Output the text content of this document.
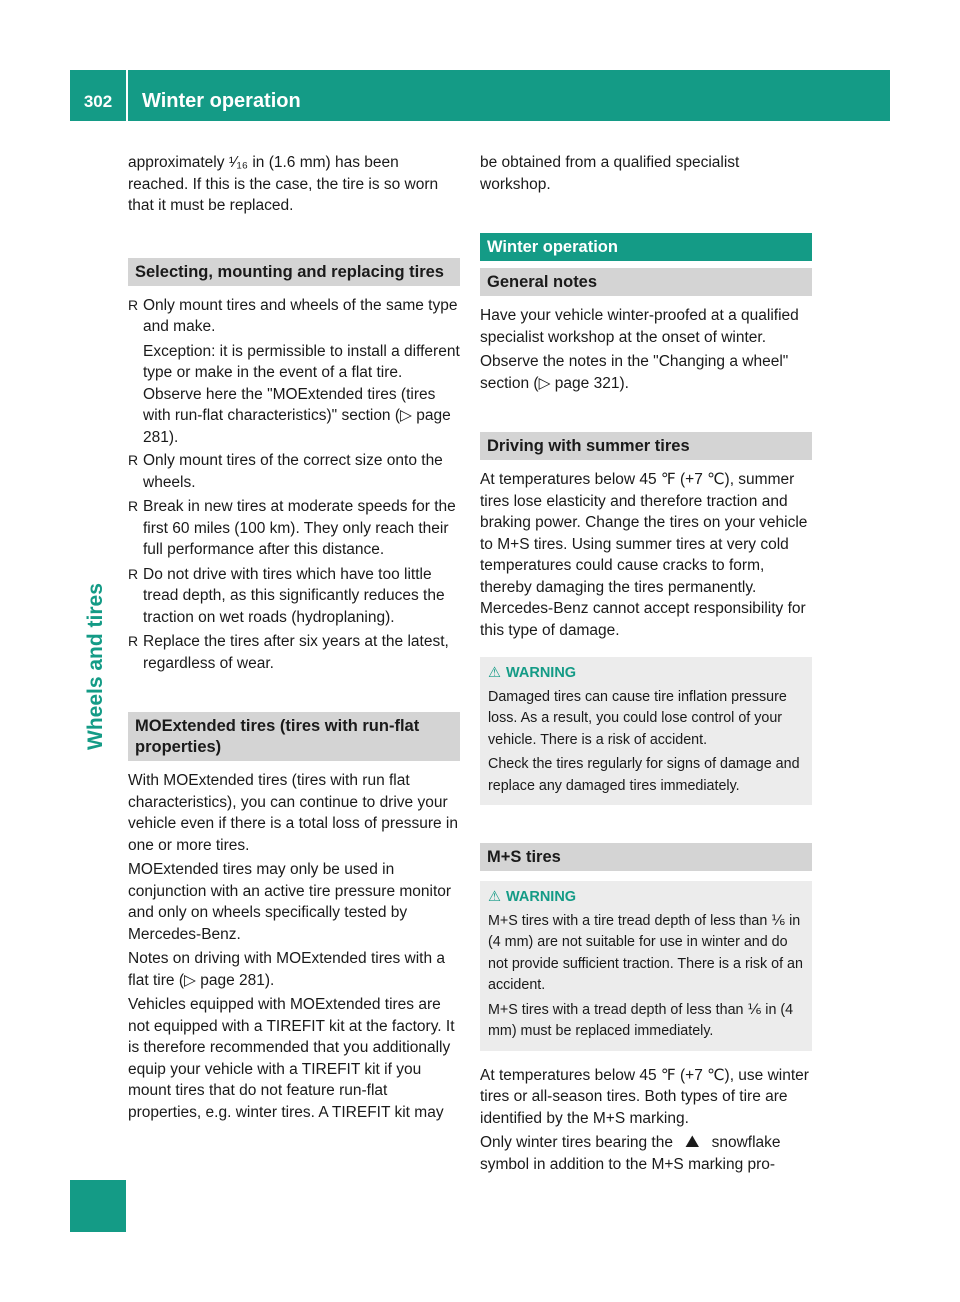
302	Winter operation
Wheels and tires

approximately ¹⁄₁₆ in (1.6 mm) has been reached. If this is the case, the tire is so worn that it must be replaced.

Selecting, mounting and replacing tires
R Only mount tires and wheels of the same type and make.

Exception: it is permissible to install a different type or make in the event of a flat tire. Observe here the "MOExtended tires (tires with run-flat characteristics)" section (▷ page 281).

R Only mount tires of the correct size onto the wheels.

R Break in new tires at moderate speeds for the first 60 miles (100 km). They only reach their full performance after this distance.

R Do not drive with tires which have too little tread depth, as this significantly reduces the traction on wet roads (hydroplaning).

R Replace the tires after six years at the latest, regardless of wear.

MOExtended tires (tires with run-flat properties)

With MOExtended tires (tires with run flat characteristics), you can continue to drive your vehicle even if there is a total loss of pressure in one or more tires.

MOExtended tires may only be used in conjunction with an active tire pressure monitor and only on wheels specifically tested by Mercedes-Benz.

Notes on driving with MOExtended tires with a flat tire (▷ page 281).

Vehicles equipped with MOExtended tires are not equipped with a TIREFIT kit at the factory. It is therefore recommended that you additionally equip your vehicle with a TIREFIT kit if you mount tires that do not feature run-flat properties, e.g. winter tires. A TIREFIT kit may

be obtained from a qualified specialist workshop.

Winter operation
General notes

Have your vehicle winter-proofed at a qualified specialist workshop at the onset of winter.

Observe the notes in the "Changing a wheel" section (▷ page 321).

Driving with summer tires

At temperatures below 45 ℉ (+7 ℃), summer tires lose elasticity and therefore traction and braking power. Change the tires on your vehicle to M+S tires. Using summer tires at very cold temperatures could cause cracks to form, thereby damaging the tires permanently. Mercedes-Benz cannot accept responsibility for this type of damage.

⚠ WARNING

Damaged tires can cause tire inflation pressure loss. As a result, you could lose control of your vehicle. There is a risk of accident.

Check the tires regularly for signs of damage and replace any damaged tires immediately.

M+S tires
⚠ WARNING

M+S tires with a tire tread depth of less than ⅙ in (4 mm) are not suitable for use in winter and do not provide sufficient traction. There is a risk of an accident.

M+S tires with a tread depth of less than ⅙ in (4 mm) must be replaced immediately.

At temperatures below 45 ℉ (+7 ℃), use winter tires or all-season tires. Both types of tire are identified by the M+S marking.

Only winter tires bearing the ⛰ snowflake symbol in addition to the M+S marking pro-
